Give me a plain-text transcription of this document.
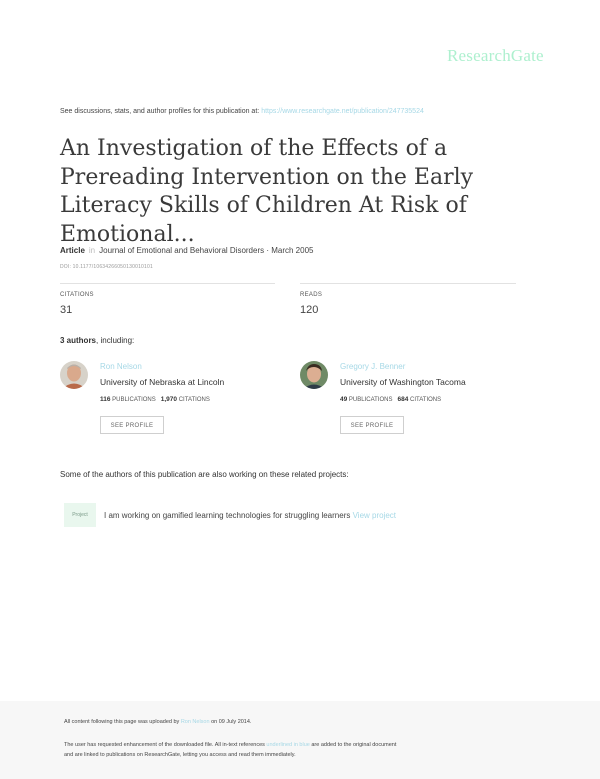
ResearchGate
See discussions, stats, and author profiles for this publication at: https://www.researchgate.net/publication/247735524
An Investigation of the Effects of a Prereading Intervention on the Early Literacy Skills of Children At Risk of Emotional...
Article in Journal of Emotional and Behavioral Disorders · March 2005
DOI: 10.1177/10634266050130010101
CITATIONS
31
READS
120
3 authors, including:
Ron Nelson
University of Nebraska at Lincoln
116 PUBLICATIONS 1,970 CITATIONS
SEE PROFILE
Gregory J. Benner
University of Washington Tacoma
49 PUBLICATIONS 684 CITATIONS
SEE PROFILE
Some of the authors of this publication are also working on these related projects:
Project	I am working on gamified learning technologies for struggling learners View project
All content following this page was uploaded by Ron Nelson on 09 July 2014.
The user has requested enhancement of the downloaded file. All in-text references underlined in blue are added to the original document
and are linked to publications on ResearchGate, letting you access and read them immediately.
